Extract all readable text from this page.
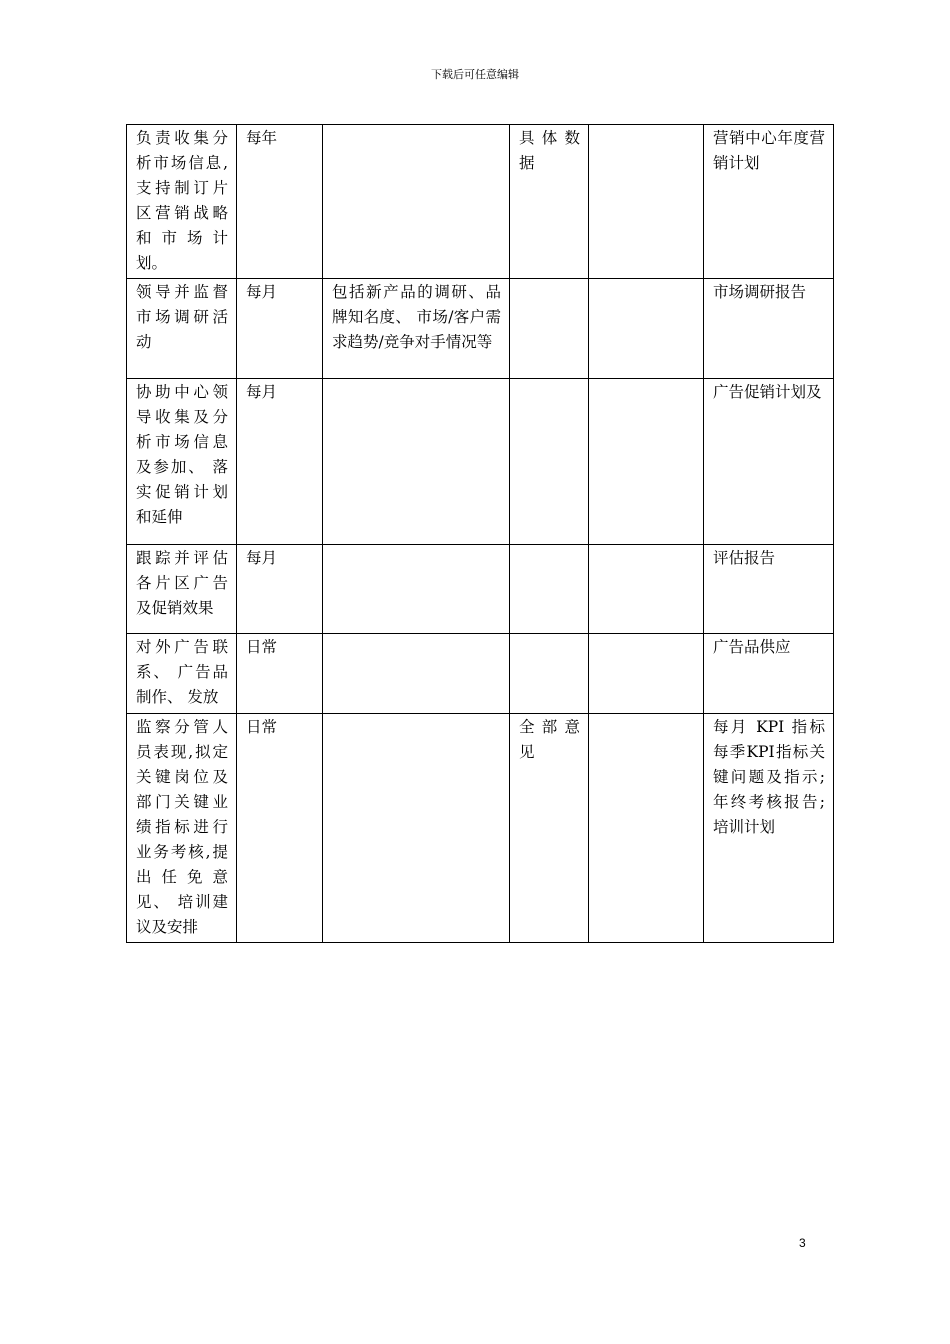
下载后可任意编辑
负责收集分析市场信息,支持制订片区营销战略和市场计划。	每年		具体数据		营销中心年度营销计划
领导并监督市场调研活动	每月	包括新产品的调研、品牌知名度、 市场/客户需求趋势/竞争对手情况等			市场调研报告
协助中心领导收集及分析市场信息及参加、 落实促销计划和延伸	每月				广告促销计划及
跟踪并评估各片区广告及促销效果	每月				评估报告
对外广告联系、 广告品制作、 发放	日常				广告品供应
监察分管人员表现,拟定关键岗位及部门关键业绩指标进行业务考核,提出任免意见、 培训建议及安排	日常		全部意见		每月 KPI 指标每季KPI指标关键问题及指示; 年终考核报告; 培训计划
3
